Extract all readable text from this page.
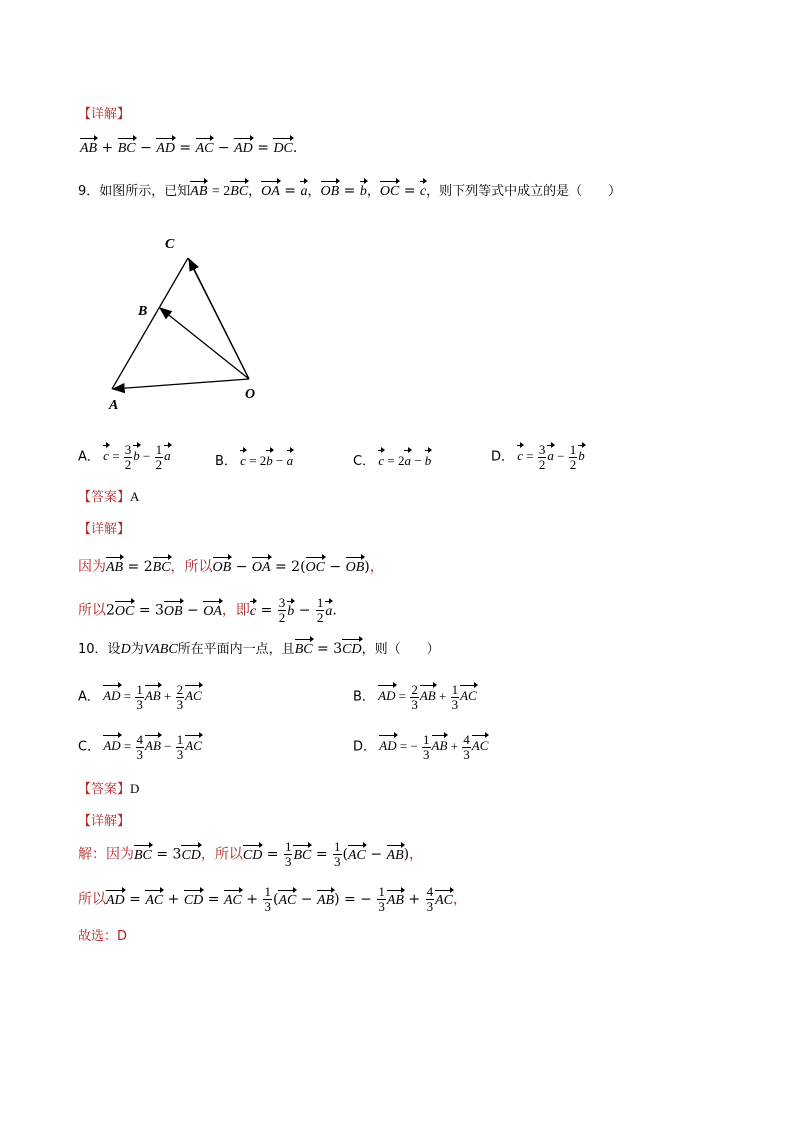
【详解】
AB + BC − AD = AC − AD = DC.
9．如图所示，已知AB = 2BC，OA = a，OB = b，OC = c，则下列等式中成立的是（　　）
C
B
A
O
A． $c = \frac{3}{2}$ $b - \frac{1}{2}$ a	B． c = 2b − a	C． c = 2a − b	D． $c = \frac{3}{2}$ $a - \frac{1}{2}$ b
【答案】A
【详解】
因为AB = 2BC，所以OB − OA = 2(OC − OB)，
所以2OC = 3OB − OA，即$c = \frac{3}{2}$ $b - \frac{1}{2} a$.
10．设D为VABC所在平面内一点，且BC = 3CD，则（　　）
A． AD = $\frac{1}{3}$ AB + $\frac{2}{3}$ AC	B． AD = $\frac{2}{3}$ AB + $\frac{1}{3}$ AC
C． AD = $\frac{4}{3}$ AB − $\frac{1}{3}$ AC	D． AD = − $\frac{1}{3}$ AB + $\frac{4}{3}$ AC
【答案】D
【详解】
解：因为BC = 3CD，所以CD = $\frac{1}{3}$ BC = $\frac{1}{3} (AC - AB)$，
所以AD = AC + CD = AC + $\frac{1}{3} (AC - AB)$ = − $\frac{1}{3}$ AB + $\frac{4}{3}$ AC，
故选：D
